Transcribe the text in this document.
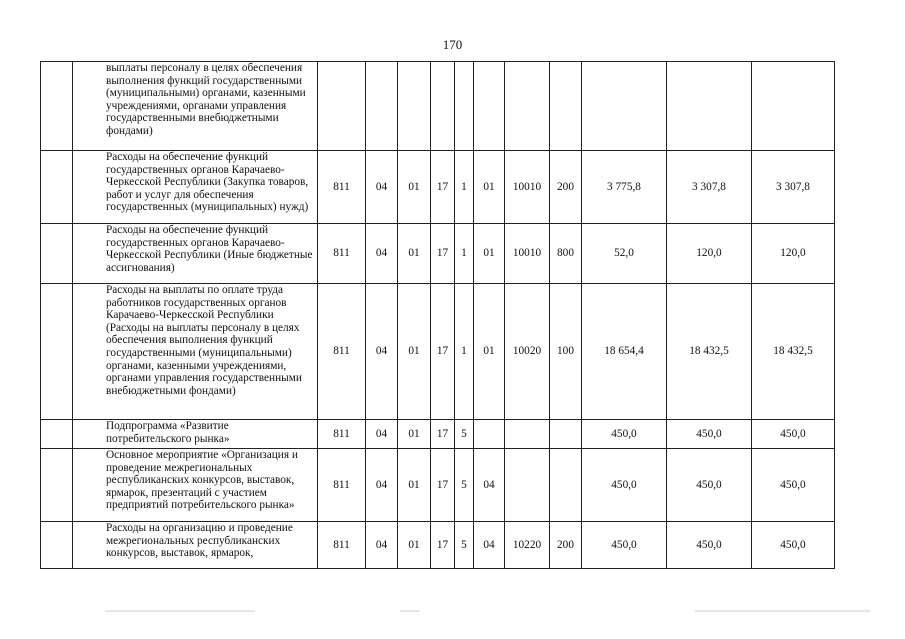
170
	выплаты персоналу в целях обеспечения выполнения функций государственными (муниципальными) органами, казенными учреждениями, органами управления государственными внебюджетными фондами)											
	Расходы на обеспечение функций государственных органов Карачаево-Черкесской Республики (Закупка товаров, работ и услуг для обеспечения государственных (муниципальных) нужд)	811	04	01	17	1	01	10010	200	3 775,8	3 307,8	3 307,8
	Расходы на обеспечение функций государственных органов Карачаево-Черкесской Республики (Иные бюджетные ассигнования)	811	04	01	17	1	01	10010	800	52,0	120,0	120,0
	Расходы на выплаты по оплате труда работников государственных органов Карачаево-Черкесской Республики (Расходы на выплаты персоналу в целях обеспечения выполнения функций государственными (муниципальными) органами, казенными учреждениями, органами управления государственными внебюджетными фондами)	811	04	01	17	1	01	10020	100	18 654,4	18 432,5	18 432,5
	Подпрограмма «Развитие потребительского рынка»	811	04	01	17	5				450,0	450,0	450,0
	Основное мероприятие «Организация и проведение межрегиональных республиканских конкурсов, выставок, ярмарок, презентаций с участием предприятий потребительского рынка»	811	04	01	17	5	04			450,0	450,0	450,0
	Расходы на организацию и проведение межрегиональных республиканских конкурсов, выставок, ярмарок,	811	04	01	17	5	04	10220	200	450,0	450,0	450,0
